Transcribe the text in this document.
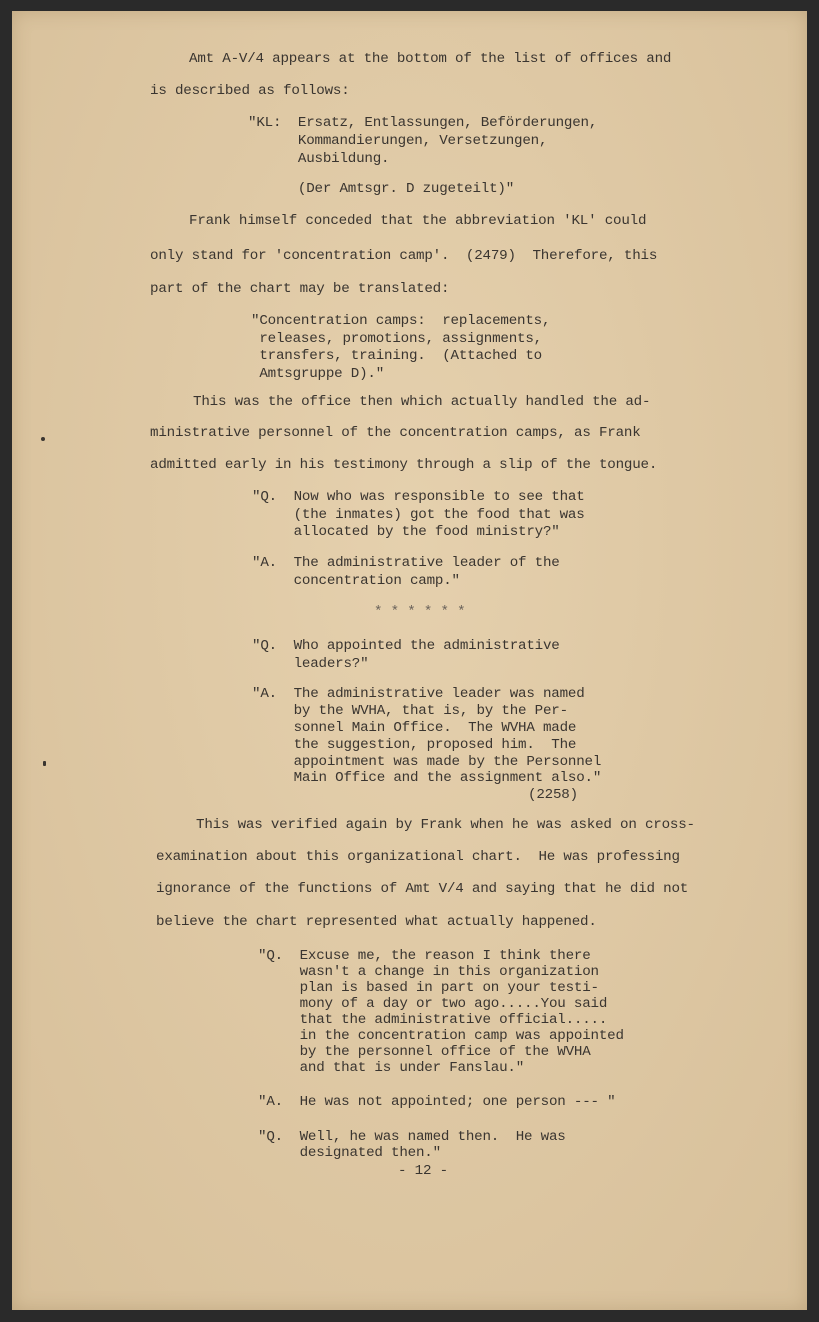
Amt A-V/4 appears at the bottom of the list of offices and
is described as follows:
"KL:  Ersatz, Entlassungen, Beförderungen,
Kommandierungen, Versetzungen,
Ausbildung.
(Der Amtsgr. D zugeteilt)"
Frank himself conceded that the abbreviation 'KL' could
only stand for 'concentration camp'.  (2479)  Therefore, this
part of the chart may be translated:
"Concentration camps:  replacements,
releases, promotions, assignments,
transfers, training.  (Attached to
Amtsgruppe D)."
This was the office then which actually handled the ad-
ministrative personnel of the concentration camps, as Frank
admitted early in his testimony through a slip of the tongue.
"Q.  Now who was responsible to see that
(the inmates) got the food that was
allocated by the food ministry?"
"A.  The administrative leader of the
concentration camp."
* * * * * *
"Q.  Who appointed the administrative
leaders?"
"A.  The administrative leader was named
by the WVHA, that is, by the Per-
sonnel Main Office.  The WVHA made
the suggestion, proposed him.  The
appointment was made by the Personnel
Main Office and the assignment also."
(2258)
This was verified again by Frank when he was asked on cross-
examination about this organizational chart.  He was professing
ignorance of the functions of Amt V/4 and saying that he did not
believe the chart represented what actually happened.
"Q.  Excuse me, the reason I think there
wasn't a change in this organization
plan is based in part on your testi-
mony of a day or two ago.....You said
that the administrative official.....
in the concentration camp was appointed
by the personnel office of the WVHA
and that is under Fanslau."
"A.  He was not appointed; one person --- "
"Q.  Well, he was named then.  He was
designated then."
- 12 -
